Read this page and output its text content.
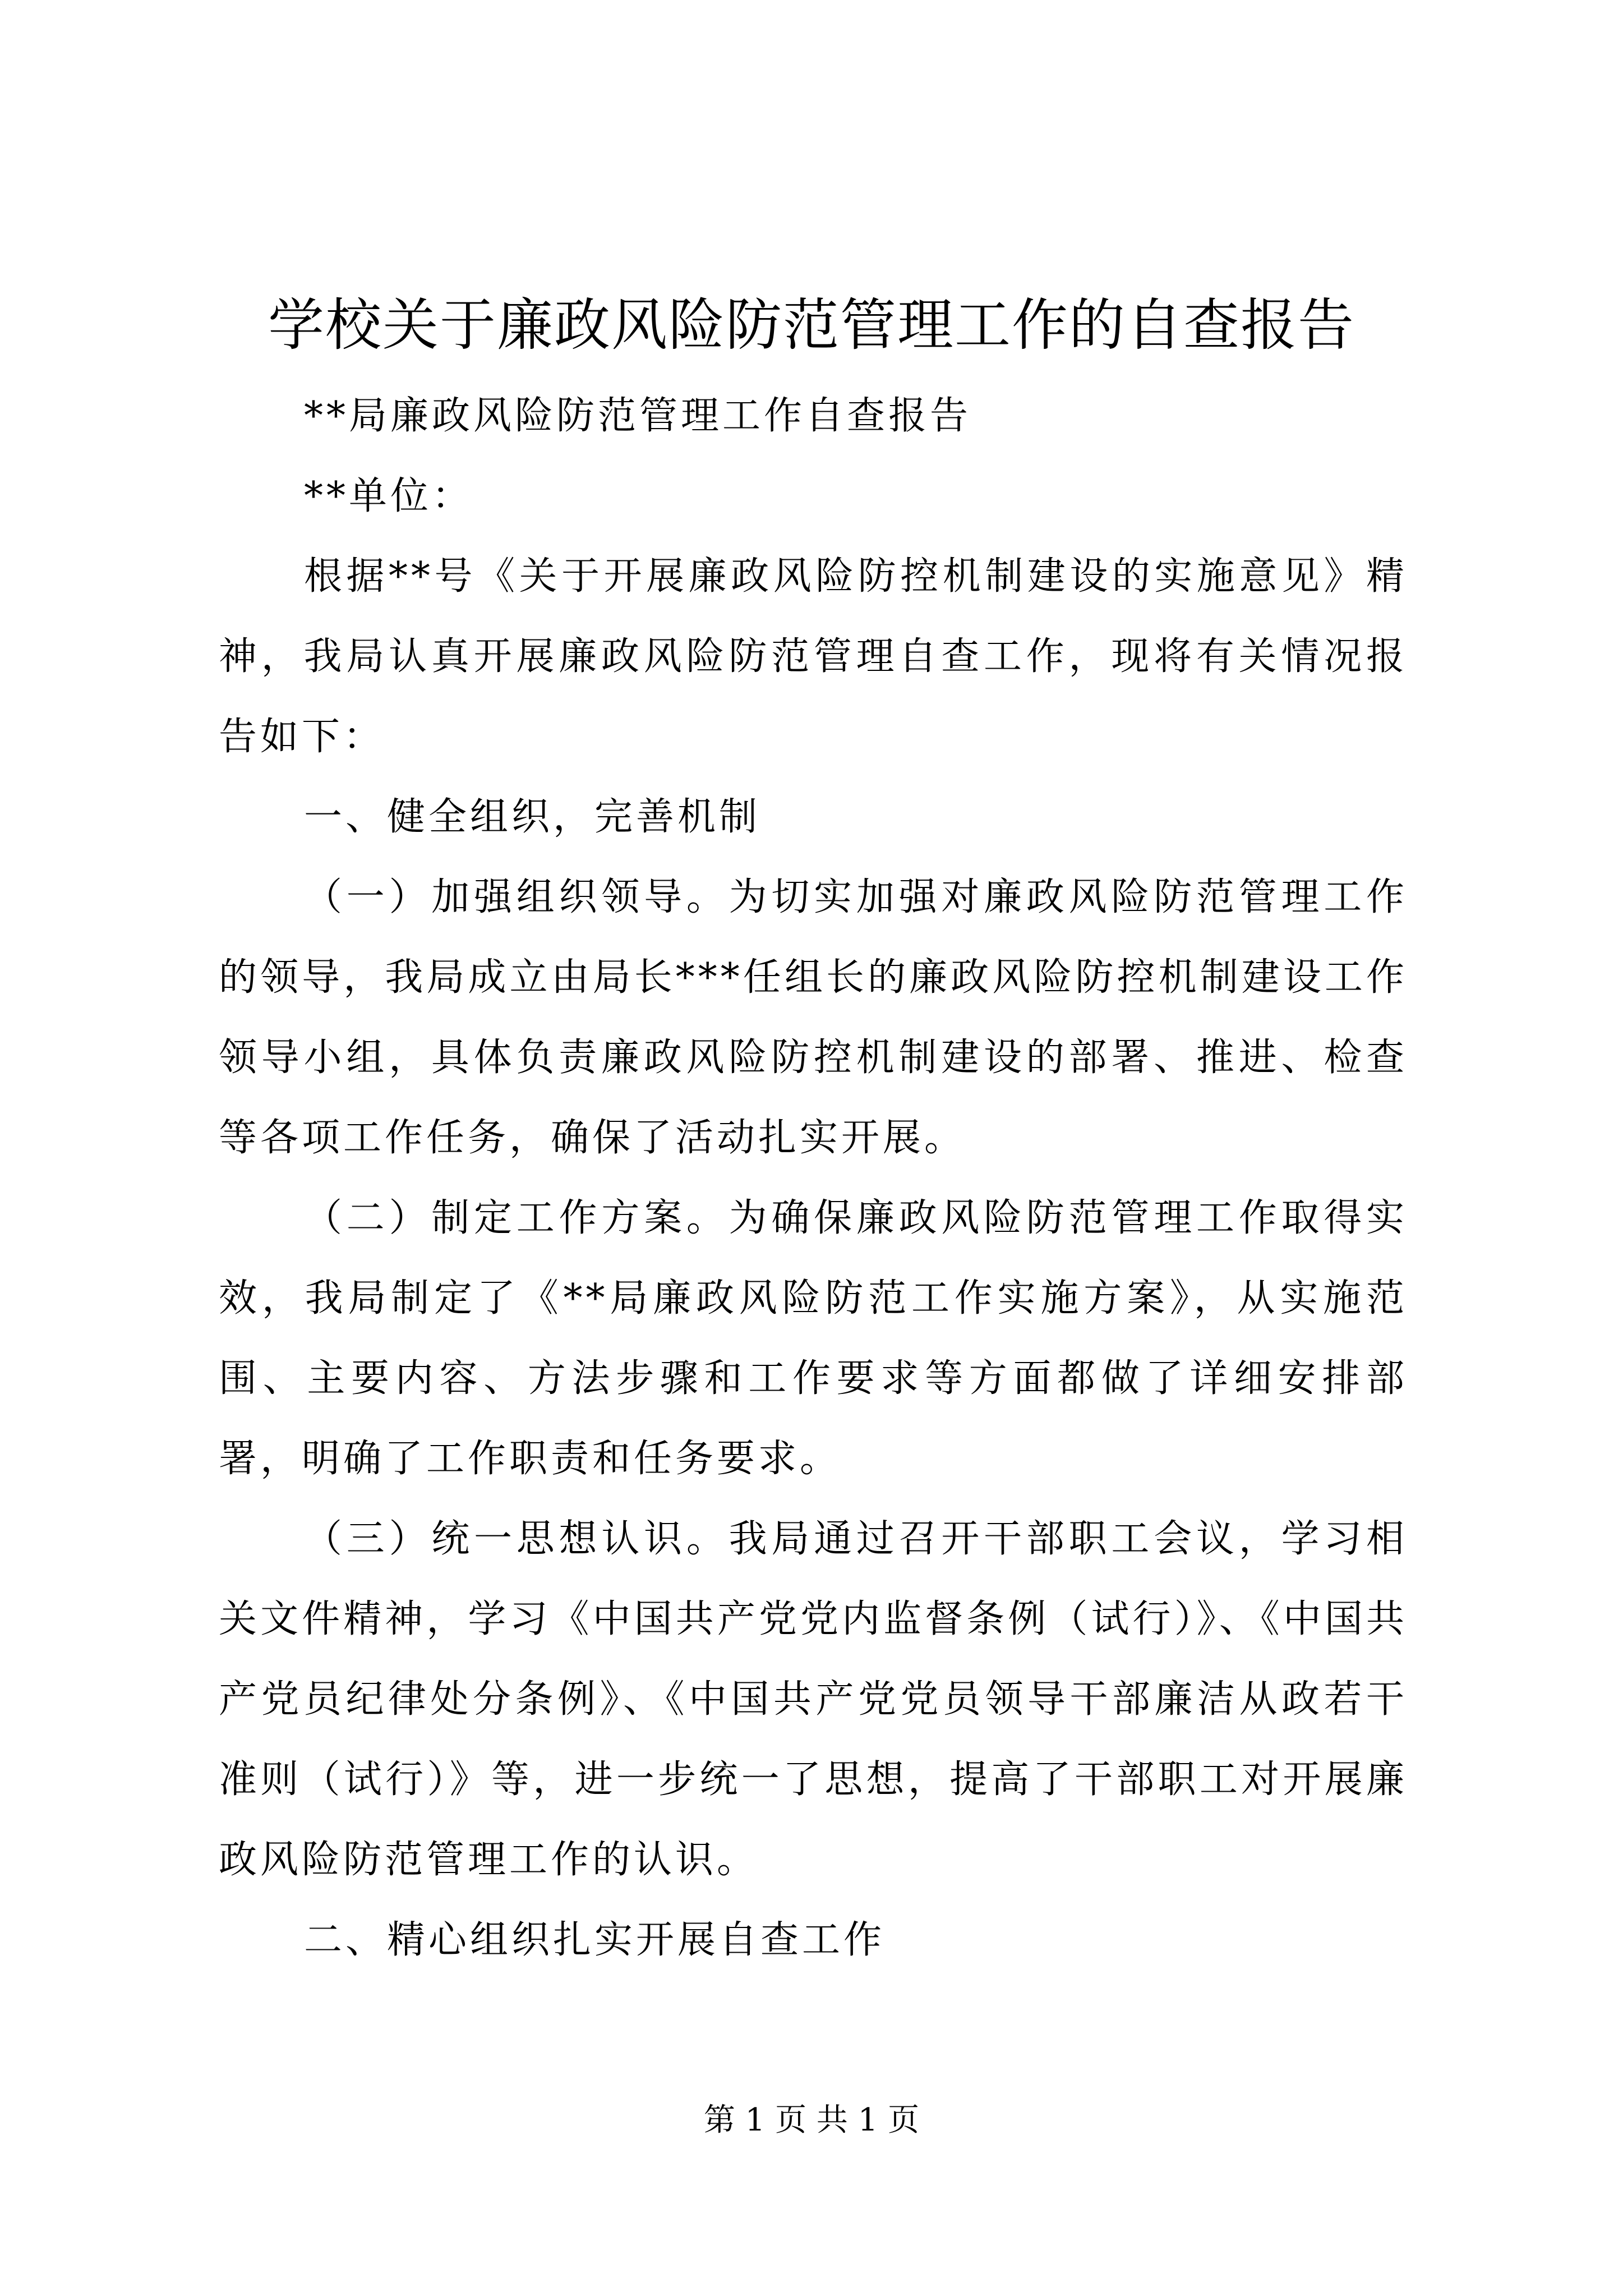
学校关于廉政风险防范管理工作的自查报告

**局廉政风险防范管理工作自查报告

**单位：

根据**号《关于开展廉政风险防控机制建设的实施意见》精神，我局认真开展廉政风险防范管理自查工作，现将有关情况报告如下：

一、健全组织，完善机制

（一）加强组织领导。为切实加强对廉政风险防范管理工作的领导，我局成立由局长***任组长的廉政风险防控机制建设工作领导小组，具体负责廉政风险防控机制建设的部署、推进、检查等各项工作任务，确保了活动扎实开展。

（二）制定工作方案。为确保廉政风险防范管理工作取得实效，我局制定了《**局廉政风险防范工作实施方案》，从实施范围、主要内容、方法步骤和工作要求等方面都做了详细安排部署，明确了工作职责和任务要求。

（三）统一思想认识。我局通过召开干部职工会议，学习相关文件精神，学习《中国共产党党内监督条例（试行）》、《中国共产党员纪律处分条例》、《中国共产党党员领导干部廉洁从政若干准则（试行）》等，进一步统一了思想，提高了干部职工对开展廉政风险防范管理工作的认识。

二、精心组织扎实开展自查工作

第 1 页 共 1 页
